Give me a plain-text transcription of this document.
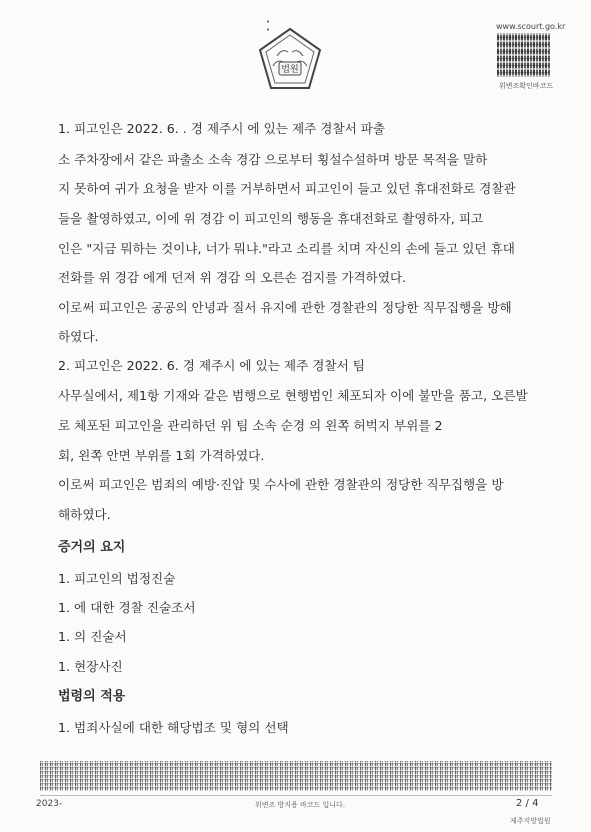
• •
법원
www.scourt.go.kr
위변조확인바코드
1. 피고인은 2022. 6. . 경 제주시 에 있는 제주 경찰서 파출
소 주차장에서 같은 파출소 소속 경감 으로부터 횡설수설하며 방문 목적을 말하
지 못하여 귀가 요청을 받자 이를 거부하면서 피고인이 들고 있던 휴대전화로 경찰관
들을 촬영하였고, 이에 위 경감 이 피고인의 행동을 휴대전화로 촬영하자, 피고
인은 "지금 뭐하는 것이냐, 너가 뭐냐."라고 소리를 치며 자신의 손에 들고 있던 휴대
전화를 위 경감 에게 던져 위 경감 의 오른손 검지를 가격하였다.
이로써 피고인은 공공의 안녕과 질서 유지에 관한 경찰관의 정당한 직무집행을 방해
하였다.
2. 피고인은 2022. 6. 경 제주시 에 있는 제주 경찰서 팀
사무실에서, 제1항 기재와 같은 범행으로 현행범인 체포되자 이에 불만을 품고, 오른발
로 체포된 피고인을 관리하던 위 팀 소속 순경 의 왼쪽 허벅지 부위를 2
회, 왼쪽 안면 부위를 1회 가격하였다.
이로써 피고인은 범죄의 예방·진압 및 수사에 관한 경찰관의 정당한 직무집행을 방
해하였다.
증거의 요지
1. 피고인의 법정진술
1. 에 대한 경찰 진술조서
1. 의 진술서
1. 현장사진
법령의 적용
1. 범죄사실에 대한 해당법조 및 형의 선택
2023-	위변조 방지용 바코드 입니다.	2 / 4
제주지방법원
